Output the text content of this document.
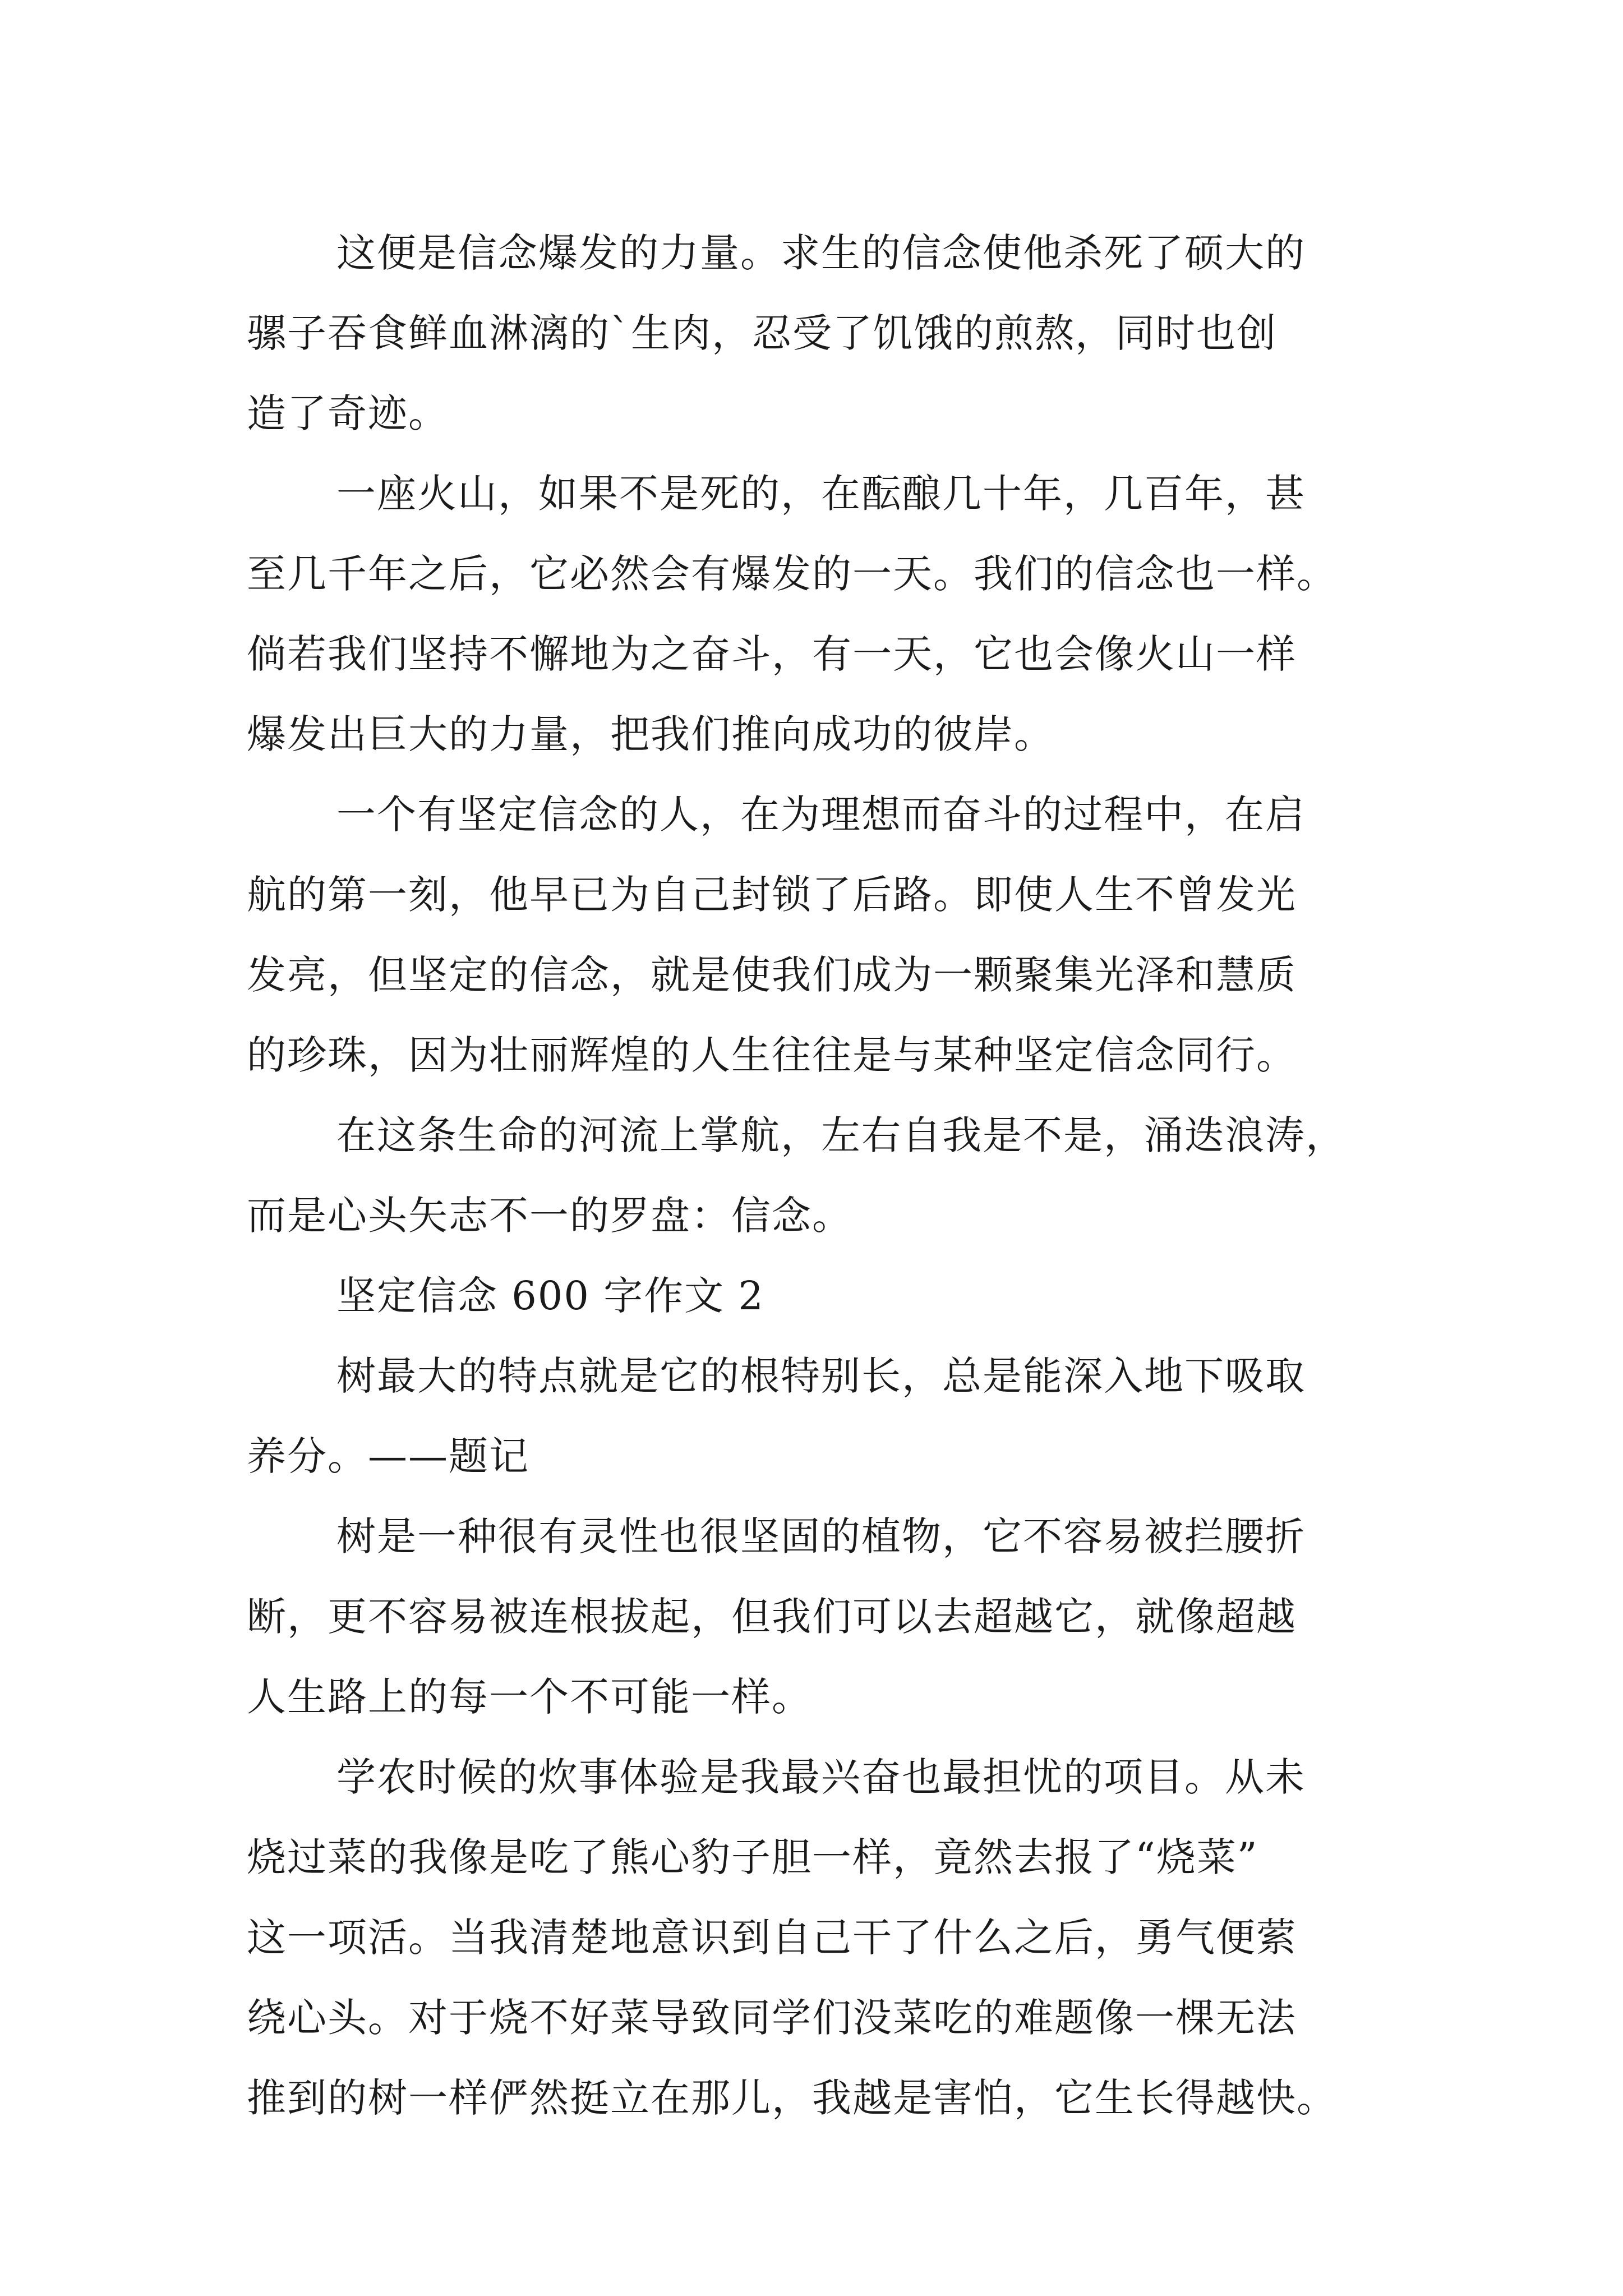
这便是信念爆发的力量。求生的信念使他杀死了硕大的
骡子吞食鲜血淋漓的`生肉，忍受了饥饿的煎熬，同时也创
造了奇迹。
一座火山，如果不是死的，在酝酿几十年，几百年，甚
至几千年之后，它必然会有爆发的一天。我们的信念也一样。
倘若我们坚持不懈地为之奋斗，有一天，它也会像火山一样
爆发出巨大的力量，把我们推向成功的彼岸。
一个有坚定信念的人，在为理想而奋斗的过程中，在启
航的第一刻，他早已为自己封锁了后路。即使人生不曾发光
发亮，但坚定的信念，就是使我们成为一颗聚集光泽和慧质
的珍珠，因为壮丽辉煌的人生往往是与某种坚定信念同行。
在这条生命的河流上掌航，左右自我是不是，涌迭浪涛，
而是心头矢志不一的罗盘：信念。
坚定信念 600 字作文 2
树最大的特点就是它的根特别长，总是能深入地下吸取
养分。——题记
树是一种很有灵性也很坚固的植物，它不容易被拦腰折
断，更不容易被连根拔起，但我们可以去超越它，就像超越
人生路上的每一个不可能一样。
学农时候的炊事体验是我最兴奋也最担忧的项目。从未
烧过菜的我像是吃了熊心豹子胆一样，竟然去报了“烧菜”
这一项活。当我清楚地意识到自己干了什么之后，勇气便萦
绕心头。对于烧不好菜导致同学们没菜吃的难题像一棵无法
推到的树一样俨然挺立在那儿，我越是害怕，它生长得越快。
